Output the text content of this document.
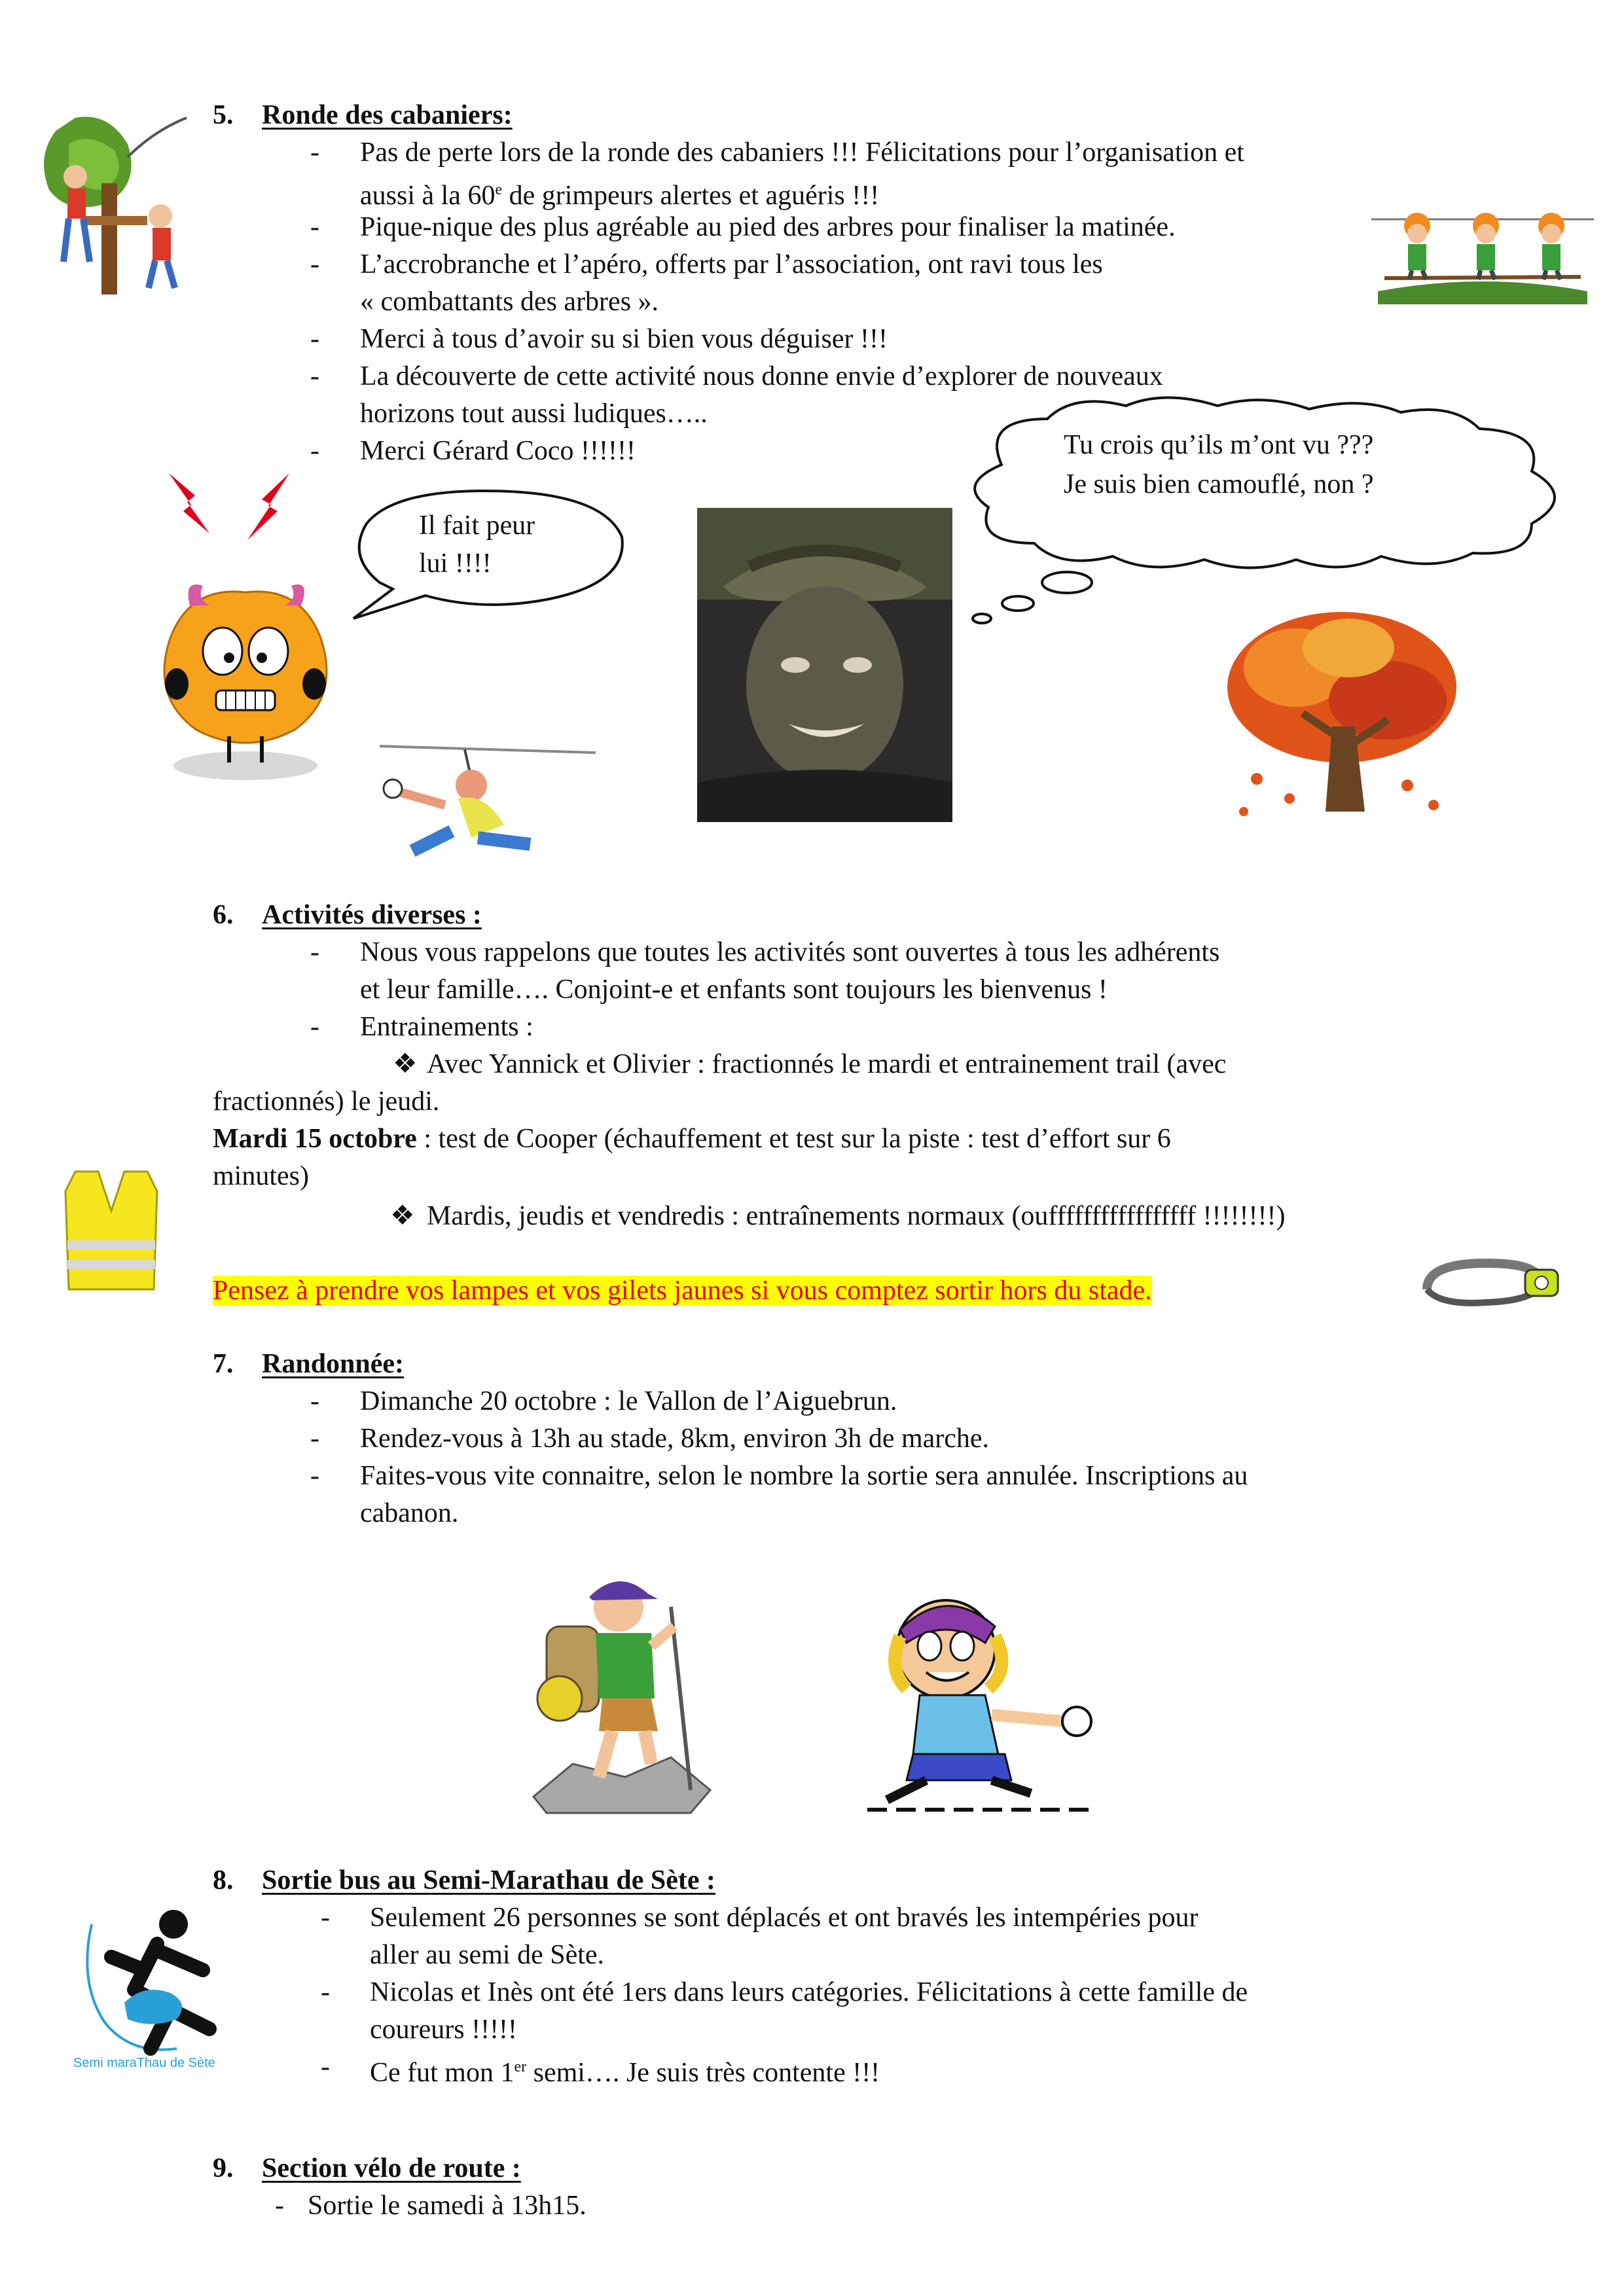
5. Ronde des cabaniers:
- Pas de perte lors de la ronde des cabaniers !!! Félicitations pour l’organisation et
aussi à la 60e de grimpeurs alertes et aguéris !!!
- Pique-nique des plus agréable au pied des arbres pour finaliser la matinée.
- L’accrobranche et l’apéro, offerts par l’association, ont ravi tous les
« combattants des arbres ».
- Merci à tous d’avoir su si bien vous déguiser !!!
- La découverte de cette activité nous donne envie d’explorer de nouveaux
horizons tout aussi ludiques…..
- Merci Gérard Coco !!!!!!	Tu crois qu’ils m’ont vu ???
Je suis bien camouflé, non ?
Il fait peur
lui !!!!
6. Activités diverses :
- Nous vous rappelons que toutes les activités sont ouvertes à tous les adhérents
et leur famille…. Conjoint-e et enfants sont toujours les bienvenus !
- Entrainements :
❖ Avec Yannick et Olivier : fractionnés le mardi et entrainement trail (avec
fractionnés) le jeudi.
Mardi 15 octobre : test de Cooper (échauffement et test sur la piste : test d’effort sur 6
minutes)
❖ Mardis, jeudis et vendredis : entraînements normaux (oufffffffffffffffff !!!!!!!!)
Pensez à prendre vos lampes et vos gilets jaunes si vous comptez sortir hors du stade.
7. Randonnée:
- Dimanche 20 octobre : le Vallon de l’Aiguebrun.
- Rendez-vous à 13h au stade, 8km, environ 3h de marche.
- Faites-vous vite connaitre, selon le nombre la sortie sera annulée. Inscriptions au
cabanon.
8. Sortie bus au Semi-Marathau de Sète :
- Seulement 26 personnes se sont déplacés et ont bravés les intempéries pour
aller au semi de Sète.
- Nicolas et Inès ont été 1ers dans leurs catégories. Félicitations à cette famille de
coureurs !!!!!
- Ce fut mon 1er semi…. Je suis très contente !!!
Semi maraThau de Sète
9. Section vélo de route :
- Sortie le samedi à 13h15.
